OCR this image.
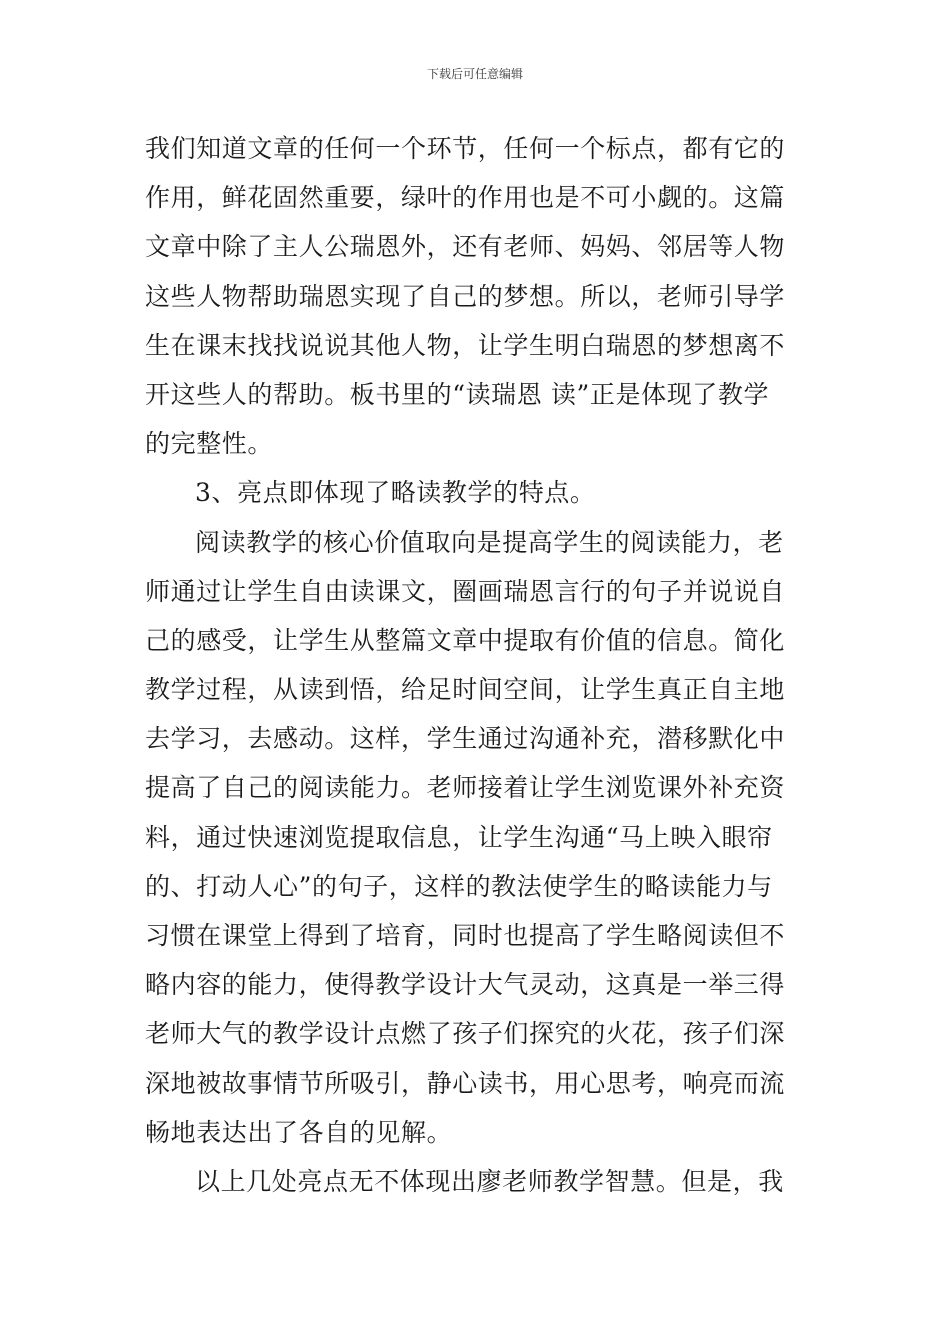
下载后可任意编辑
我们知道文章的任何一个环节，任何一个标点，都有它的
作用，鲜花固然重要，绿叶的作用也是不可小觑的。这篇
文章中除了主人公瑞恩外，还有老师、妈妈、邻居等人物
这些人物帮助瑞恩实现了自己的梦想。所以，老师引导学
生在课末找找说说其他人物，让学生明白瑞恩的梦想离不
开这些人的帮助。板书里的“读瑞恩 读”正是体现了教学
的完整性。
3、亮点即体现了略读教学的特点。
阅读教学的核心价值取向是提高学生的阅读能力，老
师通过让学生自由读课文，圈画瑞恩言行的句子并说说自
己的感受，让学生从整篇文章中提取有价值的信息。简化
教学过程，从读到悟，给足时间空间，让学生真正自主地
去学习，去感动。这样，学生通过沟通补充，潜移默化中
提高了自己的阅读能力。老师接着让学生浏览课外补充资
料，通过快速浏览提取信息，让学生沟通“马上映入眼帘
的、打动人心”的句子，这样的教法使学生的略读能力与
习惯在课堂上得到了培育，同时也提高了学生略阅读但不
略内容的能力，使得教学设计大气灵动，这真是一举三得
老师大气的教学设计点燃了孩子们探究的火花，孩子们深
深地被故事情节所吸引，静心读书，用心思考，响亮而流
畅地表达出了各自的见解。
以上几处亮点无不体现出廖老师教学智慧。但是，我
